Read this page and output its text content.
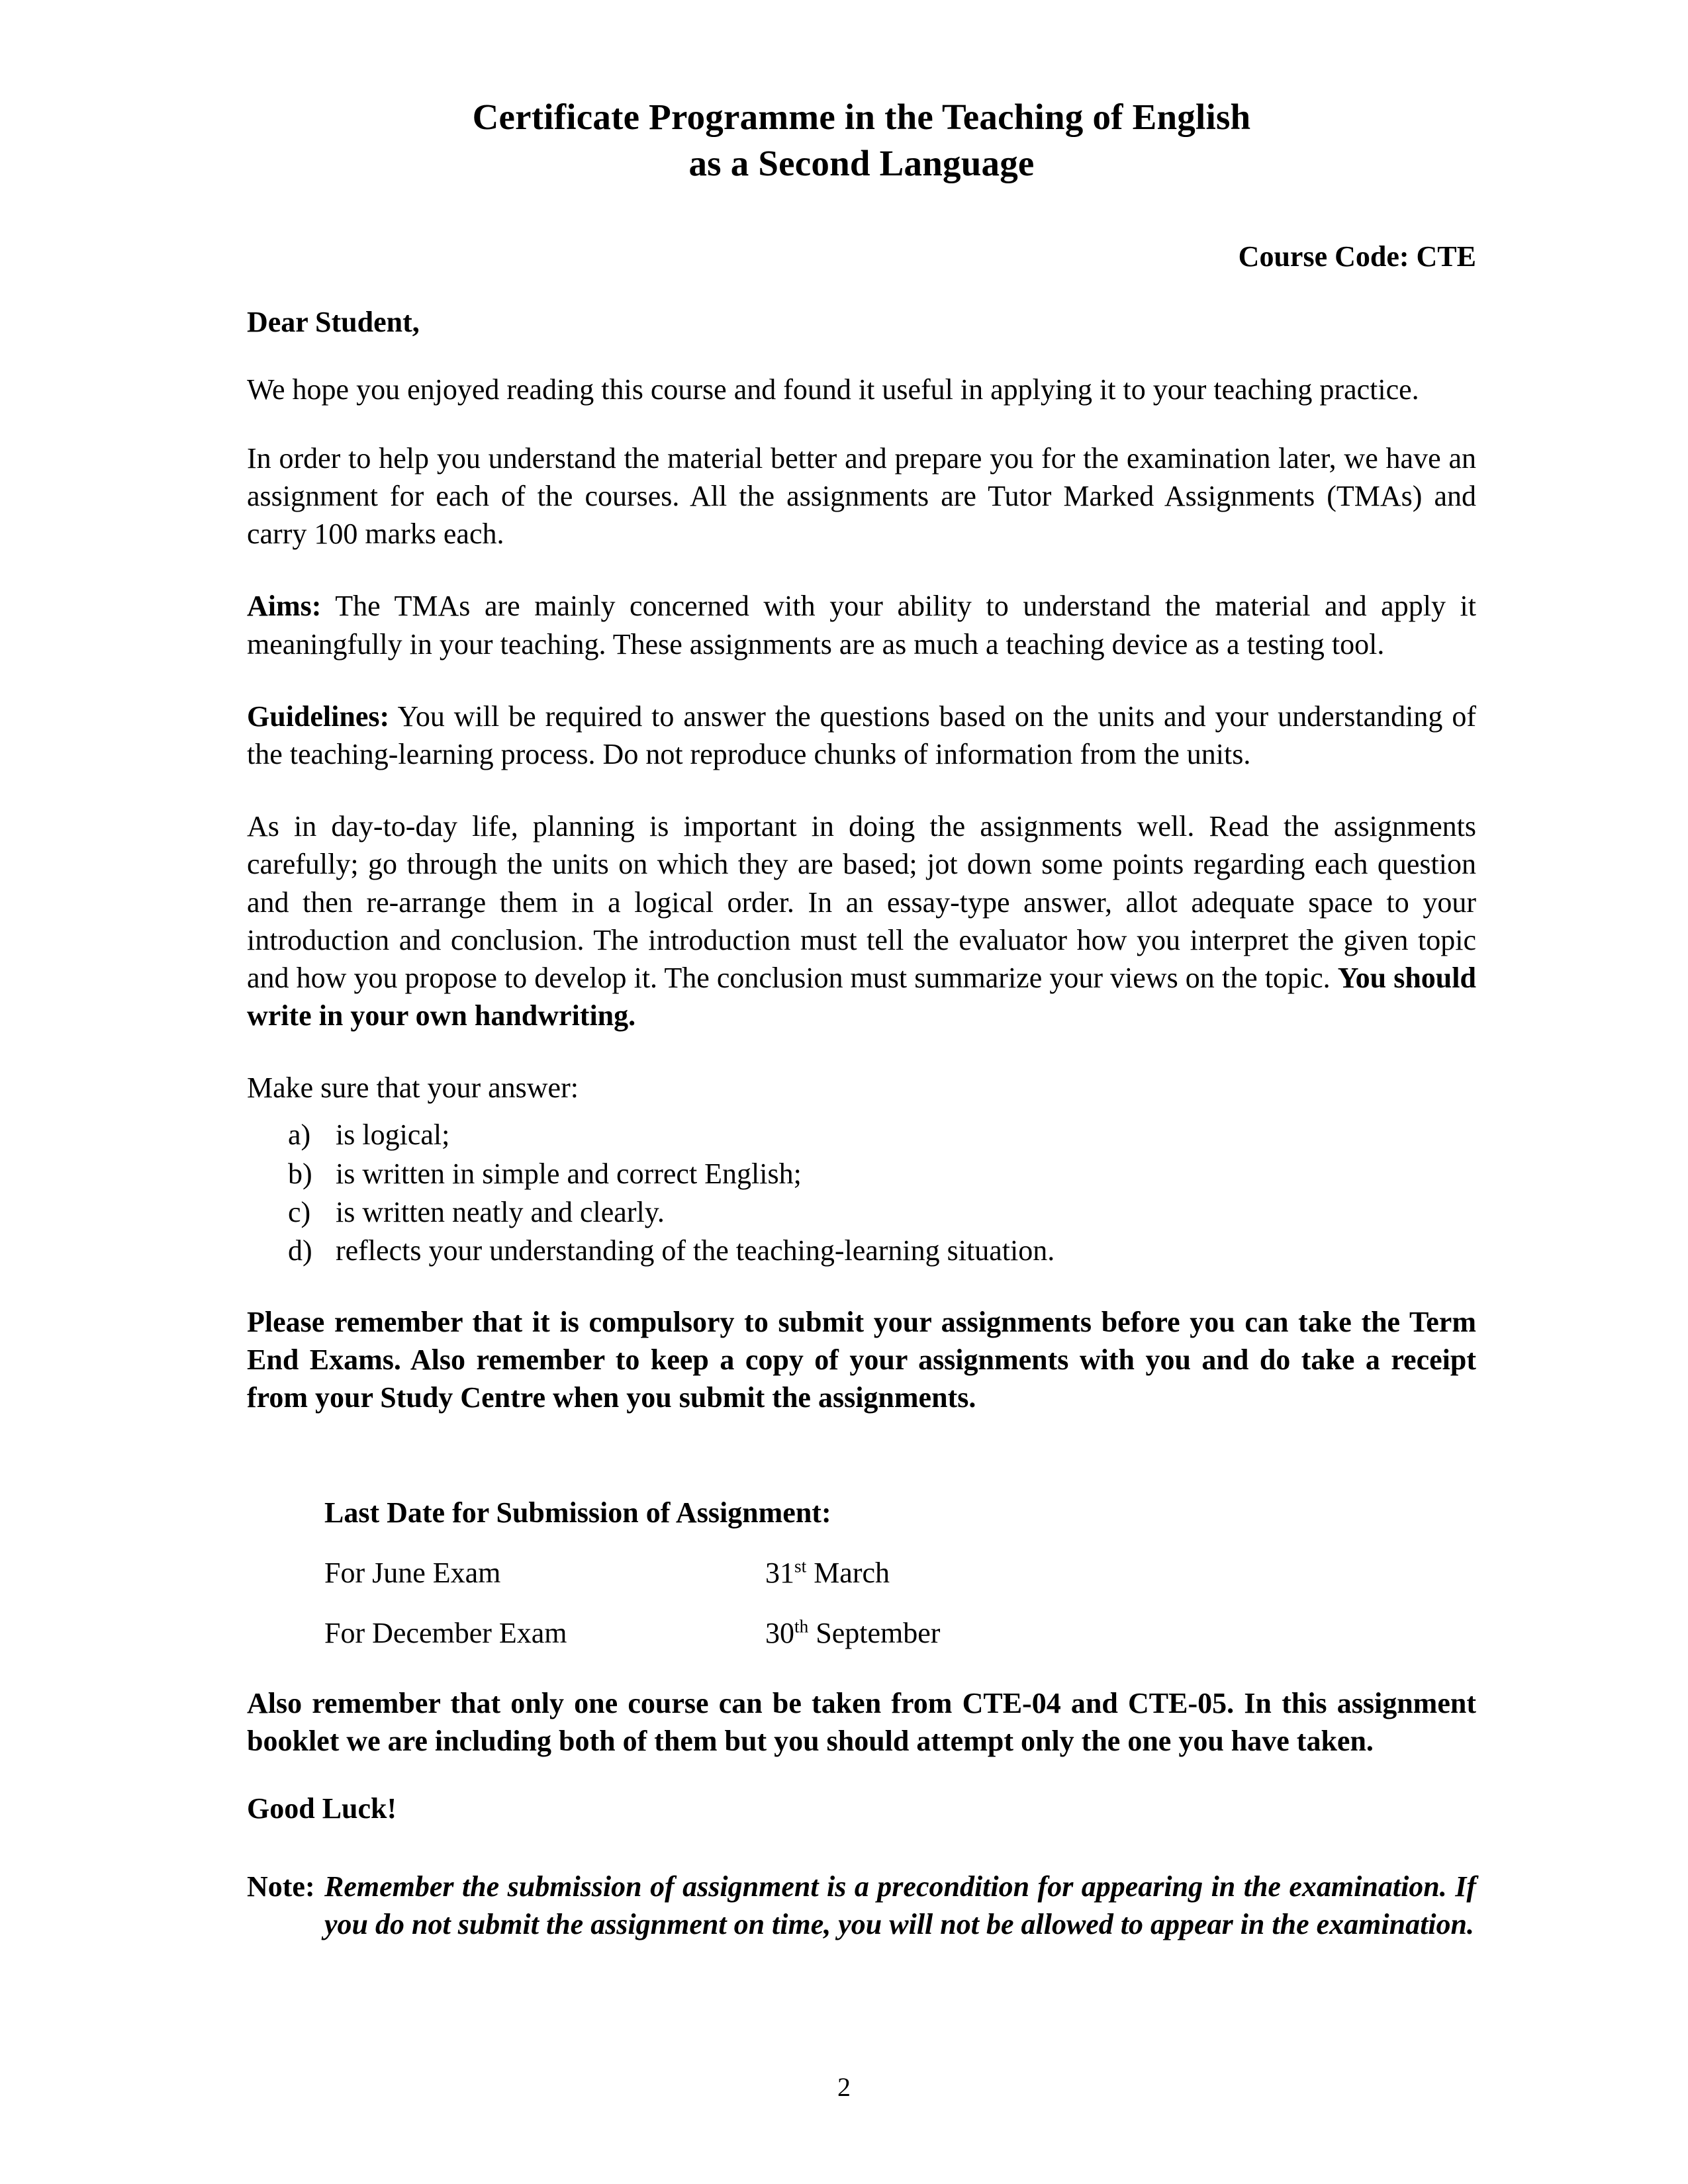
Certificate Programme in the Teaching of English
as a Second Language
Course Code: CTE
Dear Student,

We hope you enjoyed reading this course and found it useful in applying it to your teaching practice.

In order to help you understand the material better and prepare you for the examination later, we have an assignment for each of the courses. All the assignments are Tutor Marked Assignments (TMAs) and carry 100 marks each.

Aims: The TMAs are mainly concerned with your ability to understand the material and apply it meaningfully in your teaching. These assignments are as much a teaching device as a testing tool.

Guidelines: You will be required to answer the questions based on the units and your understanding of the teaching-learning process. Do not reproduce chunks of information from the units.

As in day-to-day life, planning is important in doing the assignments well. Read the assignments carefully; go through the units on which they are based; jot down some points regarding each question and then re-arrange them in a logical order. In an essay-type answer, allot adequate space to your introduction and conclusion. The introduction must tell the evaluator how you interpret the given topic and how you propose to develop it. The conclusion must summarize your views on the topic. You should write in your own handwriting.

Make sure that your answer:

a) is logical;
b) is written in simple and correct English;
c) is written neatly and clearly.
d) reflects your understanding of the teaching-learning situation.

Please remember that it is compulsory to submit your assignments before you can take the Term End Exams. Also remember to keep a copy of your assignments with you and do take a receipt from your Study Centre when you submit the assignments.

Last Date for Submission of Assignment:
For June Exam	31st March
For December Exam	30th September

Also remember that only one course can be taken from CTE-04 and CTE-05. In this assignment booklet we are including both of them but you should attempt only the one you have taken.

Good Luck!
Note: Remember the submission of assignment is a precondition for appearing in the examination. If you do not submit the assignment on time, you will not be allowed to appear in the examination.
2
